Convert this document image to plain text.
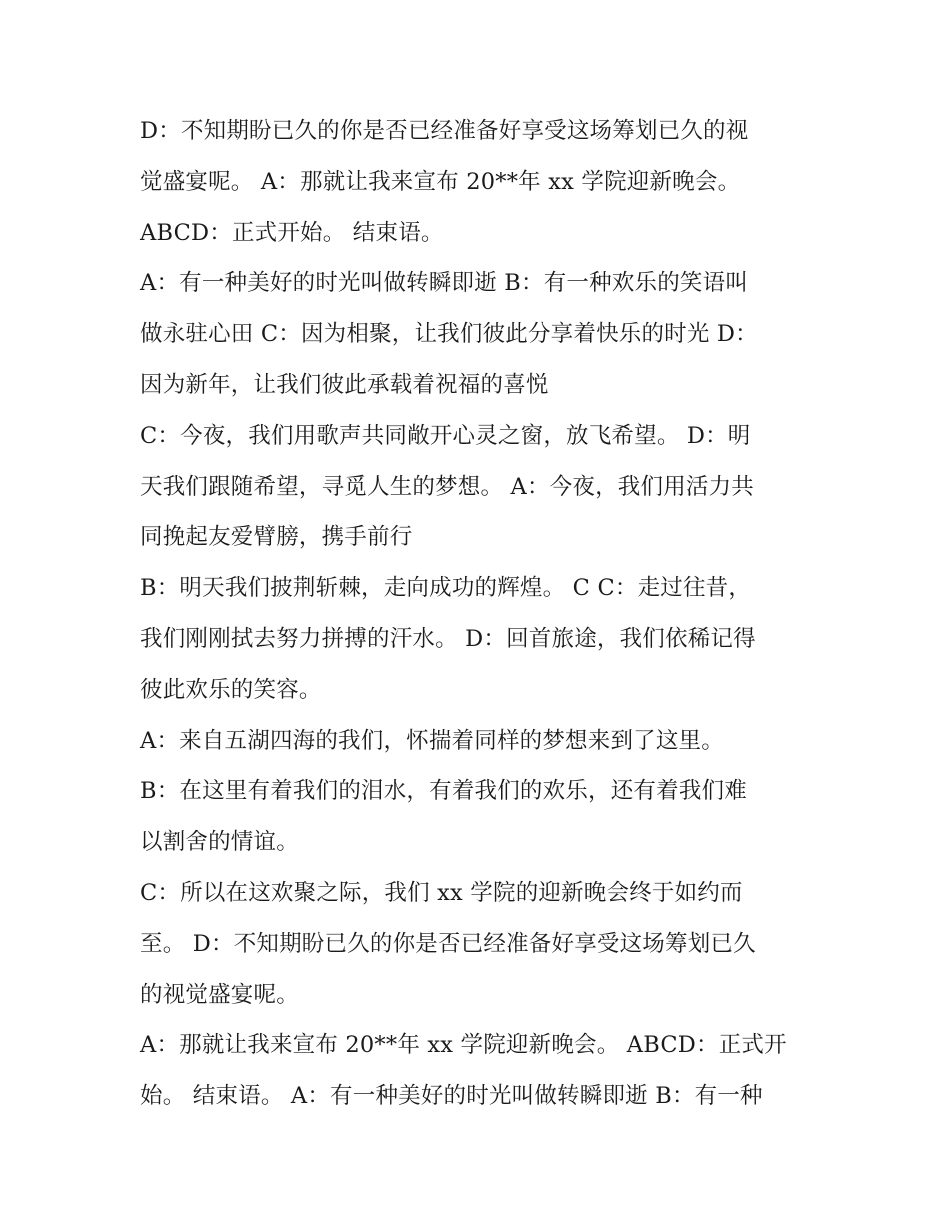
D：不知期盼已久的你是否已经准备好享受这场筹划已久的视
觉盛宴呢。 A：那就让我来宣布 20**年 xx 学院迎新晚会。
ABCD：正式开始。 结束语。

A：有一种美好的时光叫做转瞬即逝 B：有一种欢乐的笑语叫
做永驻心田 C：因为相聚，让我们彼此分享着快乐的时光 D：
因为新年，让我们彼此承载着祝福的喜悦

C：今夜，我们用歌声共同敞开心灵之窗，放飞希望。 D：明
天我们跟随希望，寻觅人生的梦想。 A：今夜，我们用活力共
同挽起友爱臂膀，携手前行

B：明天我们披荆斩棘，走向成功的辉煌。 C C：走过往昔，
我们刚刚拭去努力拼搏的汗水。 D：回首旅途，我们依稀记得
彼此欢乐的笑容。

A：来自五湖四海的我们，怀揣着同样的梦想来到了这里。

B：在这里有着我们的泪水，有着我们的欢乐，还有着我们难
以割舍的情谊。

C：所以在这欢聚之际，我们 xx 学院的迎新晚会终于如约而
至。 D：不知期盼已久的你是否已经准备好享受这场筹划已久
的视觉盛宴呢。

A：那就让我来宣布 20**年 xx 学院迎新晚会。 ABCD：正式开
始。 结束语。 A：有一种美好的时光叫做转瞬即逝 B：有一种
